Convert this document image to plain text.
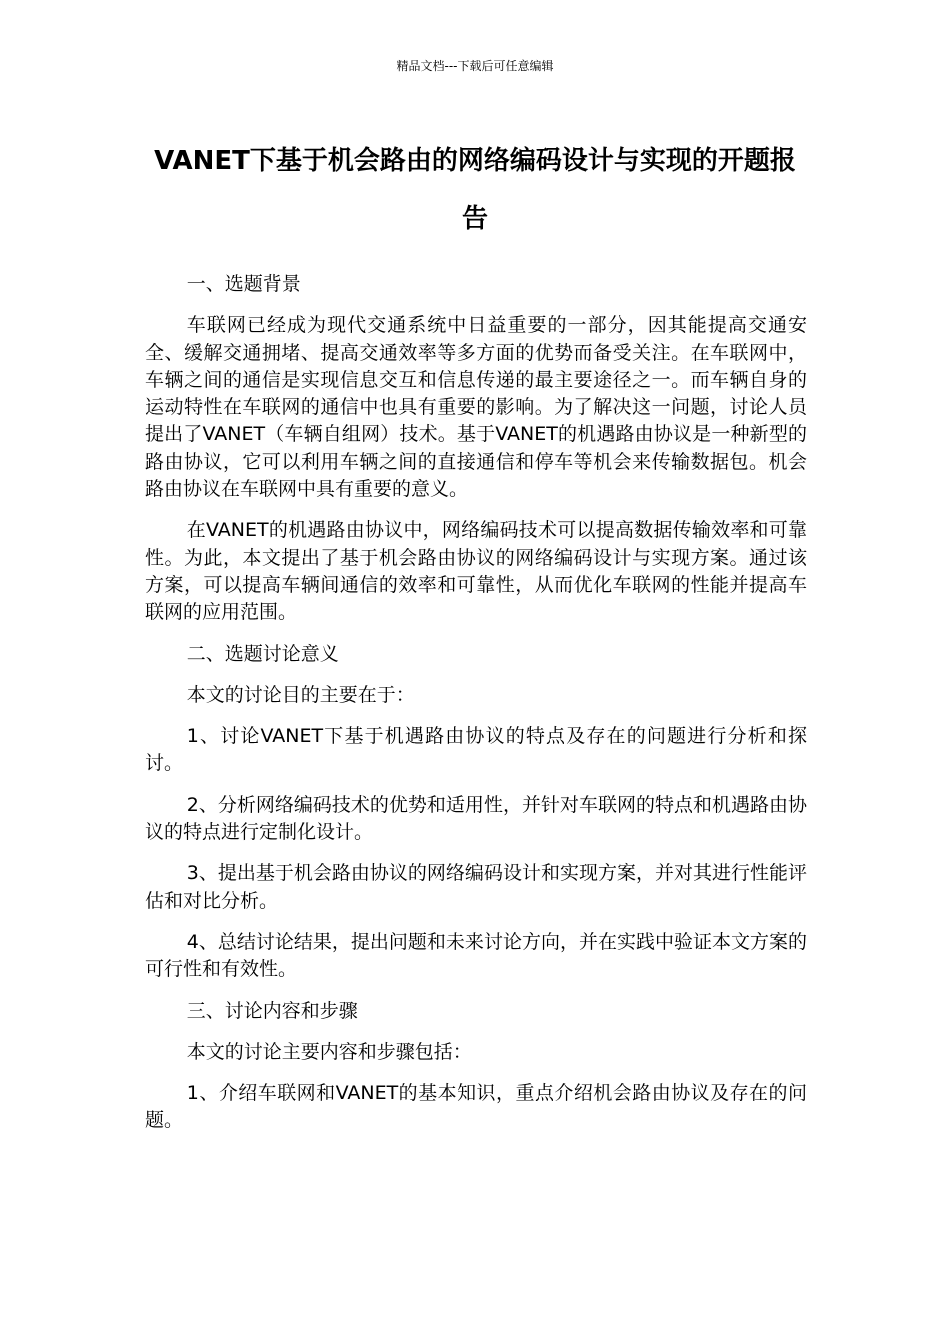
精品文档---下载后可任意编辑
VANET下基于机会路由的网络编码设计与实现的开题报告

一、选题背景

车联网已经成为现代交通系统中日益重要的一部分，因其能提高交通安全、缓解交通拥堵、提高交通效率等多方面的优势而备受关注。在车联网中，车辆之间的通信是实现信息交互和信息传递的最主要途径之一。而车辆自身的运动特性在车联网的通信中也具有重要的影响。为了解决这一问题，讨论人员提出了VANET（车辆自组网）技术。基于VANET的机遇路由协议是一种新型的路由协议，它可以利用车辆之间的直接通信和停车等机会来传输数据包。机会路由协议在车联网中具有重要的意义。

在VANET的机遇路由协议中，网络编码技术可以提高数据传输效率和可靠性。为此，本文提出了基于机会路由协议的网络编码设计与实现方案。通过该方案，可以提高车辆间通信的效率和可靠性，从而优化车联网的性能并提高车联网的应用范围。

二、选题讨论意义

本文的讨论目的主要在于：

1、讨论VANET下基于机遇路由协议的特点及存在的问题进行分析和探讨。

2、分析网络编码技术的优势和适用性，并针对车联网的特点和机遇路由协议的特点进行定制化设计。

3、提出基于机会路由协议的网络编码设计和实现方案，并对其进行性能评估和对比分析。

4、总结讨论结果，提出问题和未来讨论方向，并在实践中验证本文方案的可行性和有效性。

三、讨论内容和步骤

本文的讨论主要内容和步骤包括：

1、介绍车联网和VANET的基本知识，重点介绍机会路由协议及存在的问题。
